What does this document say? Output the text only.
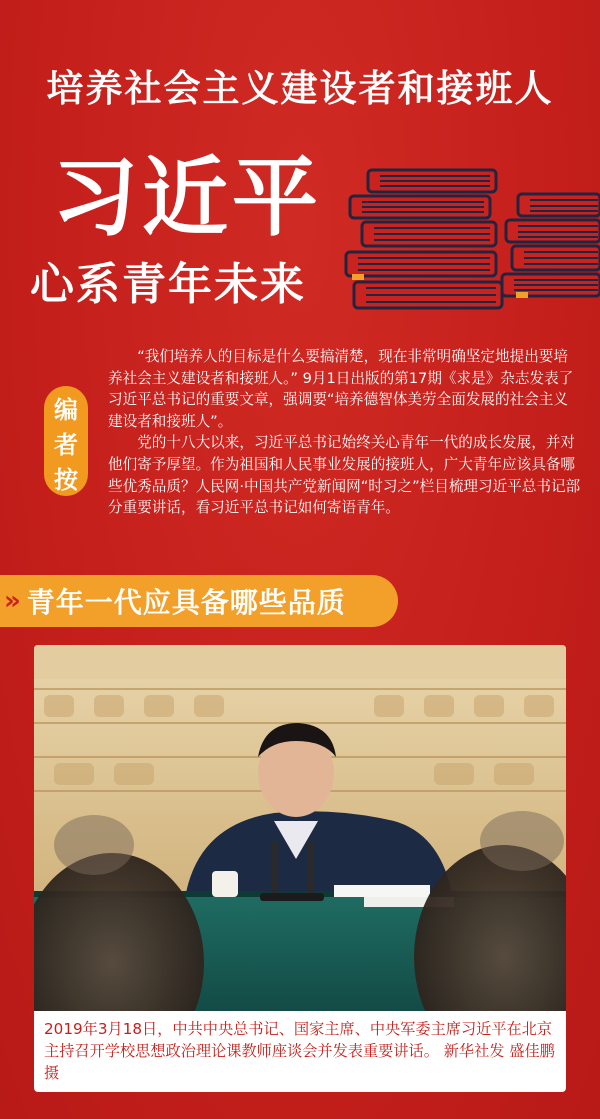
培养社会主义建设者和接班人
习近平
心系青年未来
编
者
按

“我们培养人的目标是什么要搞清楚，现在非常明确坚定地提出要培养社会主义建设者和接班人。” 9月1日出版的第17期《求是》杂志发表了习近平总书记的重要文章，强调要“培养德智体美劳全面发展的社会主义建设者和接班人”。

党的十八大以来，习近平总书记始终关心青年一代的成长发展，并对他们寄予厚望。作为祖国和人民事业发展的接班人，广大青年应该具备哪些优秀品质？人民网·中国共产党新闻网“时习之”栏目梳理习近平总书记部分重要讲话，看习近平总书记如何寄语青年。

» 青年一代应具备哪些品质
2019年3月18日，中共中央总书记、国家主席、中央军委主席习近平在北京主持召开学校思想政治理论课教师座谈会并发表重要讲话。 新华社发 盛佳鹏 摄
